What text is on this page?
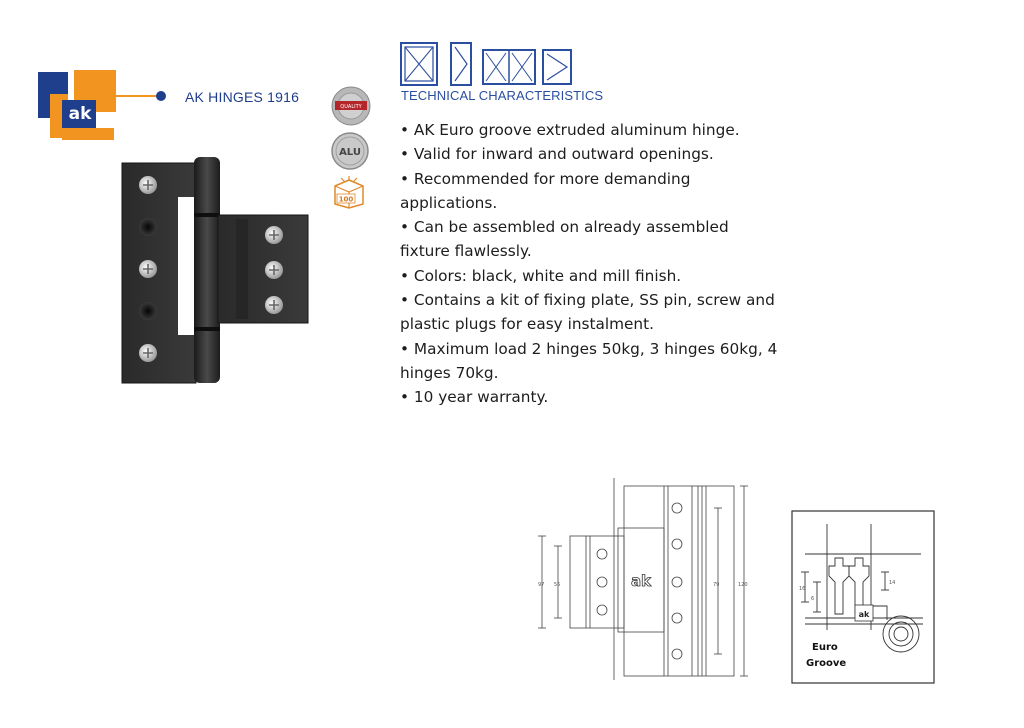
ak
AK HINGES 1916
QUALITY
ALU
100
TECHNICAL CHARACTERISTICS

• AK Euro groove extruded aluminum hinge.

• Valid for inward and outward openings.

• Recommended for more demanding applications.

• Can be assembled on already assembled fixture flawlessly.

• Colors: black, white and mill finish.

• Contains a kit of fixing plate, SS pin, screw and plastic plugs for easy instalment.

• Maximum load 2 hinges 50kg, 3 hinges 60kg, 4 hinges 70kg.

• 10 year warranty.

ak
97 55	79	120
ak
16
6
14
Euro
Groove
